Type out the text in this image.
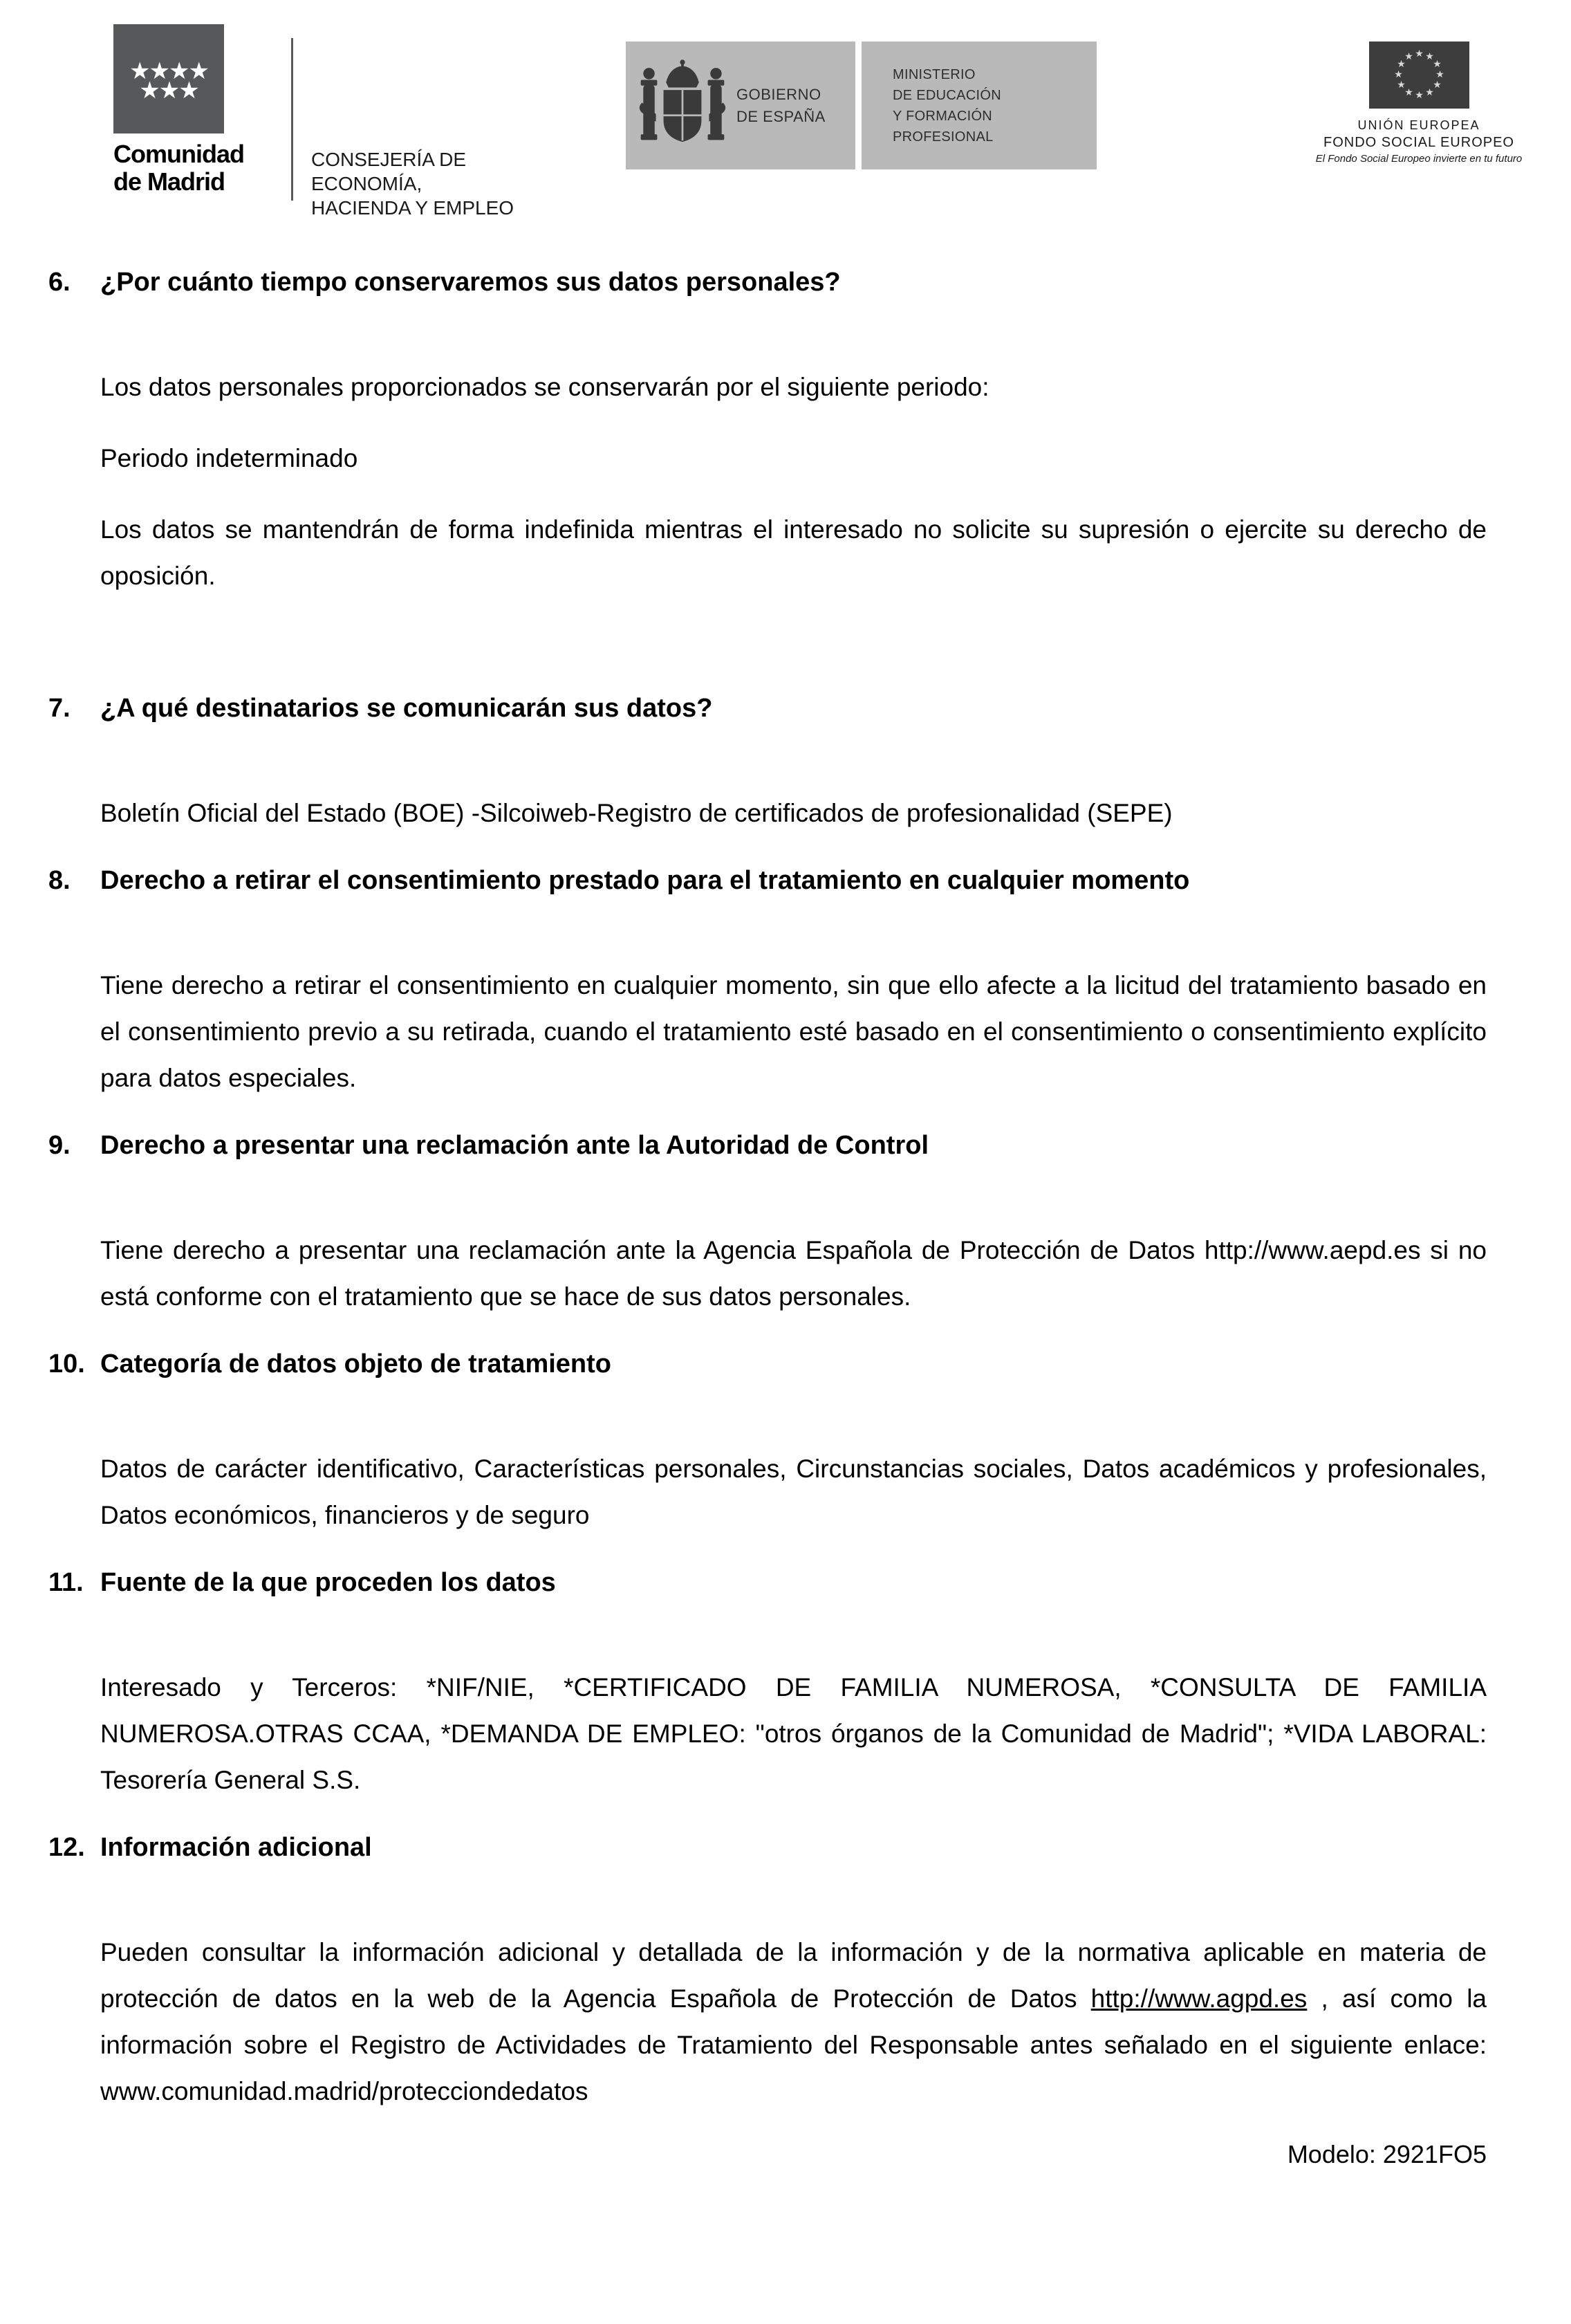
★★★★
★★★
Comunidad
de Madrid
CONSEJERÍA DE ECONOMÍA,
HACIENDA Y EMPLEO
GOBIERNO
DE ESPAÑA
MINISTERIO
DE EDUCACIÓN
Y FORMACIÓN PROFESIONAL
★ ★
★
★
★
★
★
★
★
★
★
★
UNIÓN EUROPEA
FONDO SOCIAL EUROPEO
El Fondo Social Europeo invierte en tu futuro
6.	¿Por cuánto tiempo conservaremos sus datos personales?

Los datos personales proporcionados se conservarán por el siguiente periodo:

Periodo indeterminado

Los datos se mantendrán de forma indefinida mientras el interesado no solicite su supresión o ejercite su derecho de oposición.

7.	¿A qué destinatarios se comunicarán sus datos?

Boletín Oficial del Estado (BOE) -Silcoiweb-Registro de certificados de profesionalidad (SEPE)

8.	Derecho a retirar el consentimiento prestado para el tratamiento en cualquier momento

Tiene derecho a retirar el consentimiento en cualquier momento, sin que ello afecte a la licitud del tratamiento basado en el consentimiento previo a su retirada, cuando el tratamiento esté basado en el consentimiento o consentimiento explícito para datos especiales.

9.	Derecho a presentar una reclamación ante la Autoridad de Control

Tiene derecho a presentar una reclamación ante la Agencia Española de Protección de Datos http://www.aepd.es si no está conforme con el tratamiento que se hace de sus datos personales.

10. Categoría de datos objeto de tratamiento

Datos de carácter identificativo, Características personales, Circunstancias sociales, Datos académicos y profesionales, Datos económicos, financieros y de seguro

11. Fuente de la que proceden los datos

Interesado y Terceros: *NIF/NIE, *CERTIFICADO DE FAMILIA NUMEROSA, *CONSULTA DE FAMILIA NUMEROSA.OTRAS CCAA, *DEMANDA DE EMPLEO: "otros órganos de la Comunidad de Madrid"; *VIDA LABORAL: Tesorería General S.S.

12. Información adicional

Pueden consultar la información adicional y detallada de la información y de la normativa aplicable en materia de protección de datos en la web de la Agencia Española de Protección de Datos http://www.agpd.es , así como la información sobre el Registro de Actividades de Tratamiento del Responsable antes señalado en el siguiente enlace: www.comunidad.madrid/protecciondedatos

Modelo: 2921FO5
